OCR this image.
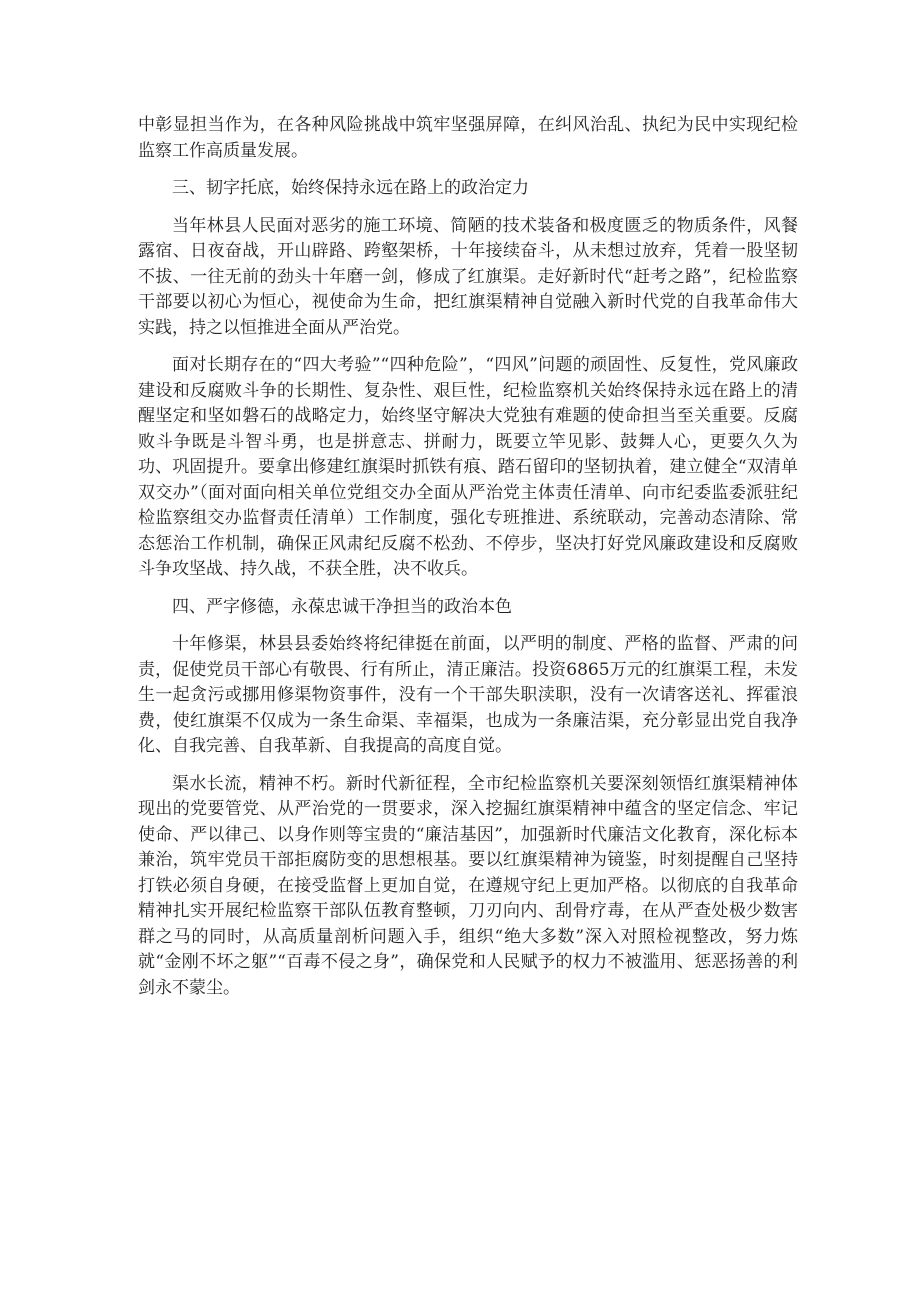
中彰显担当作为，在各种风险挑战中筑牢坚强屏障，在纠风治乱、执纪为民中实现纪检监察工作高质量发展。

三、韧字托底，始终保持永远在路上的政治定力

当年林县人民面对恶劣的施工环境、简陋的技术装备和极度匮乏的物质条件，风餐露宿、日夜奋战，开山辟路、跨壑架桥，十年接续奋斗，从未想过放弃，凭着一股坚韧不拔、一往无前的劲头十年磨一剑，修成了红旗渠。走好新时代“赶考之路”，纪检监察干部要以初心为恒心，视使命为生命，把红旗渠精神自觉融入新时代党的自我革命伟大实践，持之以恒推进全面从严治党。

面对长期存在的“四大考验”“四种危险”，“四风”问题的顽固性、反复性，党风廉政建设和反腐败斗争的长期性、复杂性、艰巨性，纪检监察机关始终保持永远在路上的清醒坚定和坚如磐石的战略定力，始终坚守解决大党独有难题的使命担当至关重要。反腐败斗争既是斗智斗勇，也是拼意志、拼耐力，既要立竿见影、鼓舞人心，更要久久为功、巩固提升。要拿出修建红旗渠时抓铁有痕、踏石留印的坚韧执着，建立健全“双清单双交办”（面对面向相关单位党组交办全面从严治党主体责任清单、向市纪委监委派驻纪检监察组交办监督责任清单）工作制度，强化专班推进、系统联动，完善动态清除、常态惩治工作机制，确保正风肃纪反腐不松劲、不停步，坚决打好党风廉政建设和反腐败斗争攻坚战、持久战，不获全胜，决不收兵。

四、严字修德，永葆忠诚干净担当的政治本色

十年修渠，林县县委始终将纪律挺在前面，以严明的制度、严格的监督、严肃的问责，促使党员干部心有敬畏、行有所止，清正廉洁。投资6865万元的红旗渠工程，未发生一起贪污或挪用修渠物资事件，没有一个干部失职渎职，没有一次请客送礼、挥霍浪费，使红旗渠不仅成为一条生命渠、幸福渠，也成为一条廉洁渠，充分彰显出党自我净化、自我完善、自我革新、自我提高的高度自觉。

渠水长流，精神不朽。新时代新征程，全市纪检监察机关要深刻领悟红旗渠精神体现出的党要管党、从严治党的一贯要求，深入挖掘红旗渠精神中蕴含的坚定信念、牢记使命、严以律己、以身作则等宝贵的“廉洁基因”，加强新时代廉洁文化教育，深化标本兼治，筑牢党员干部拒腐防变的思想根基。要以红旗渠精神为镜鉴，时刻提醒自己坚持打铁必须自身硬，在接受监督上更加自觉，在遵规守纪上更加严格。以彻底的自我革命精神扎实开展纪检监察干部队伍教育整顿，刀刃向内、刮骨疗毒，在从严查处极少数害群之马的同时，从高质量剖析问题入手，组织“绝大多数”深入对照检视整改，努力炼就“金刚不坏之躯”“百毒不侵之身”，确保党和人民赋予的权力不被滥用、惩恶扬善的利剑永不蒙尘。
